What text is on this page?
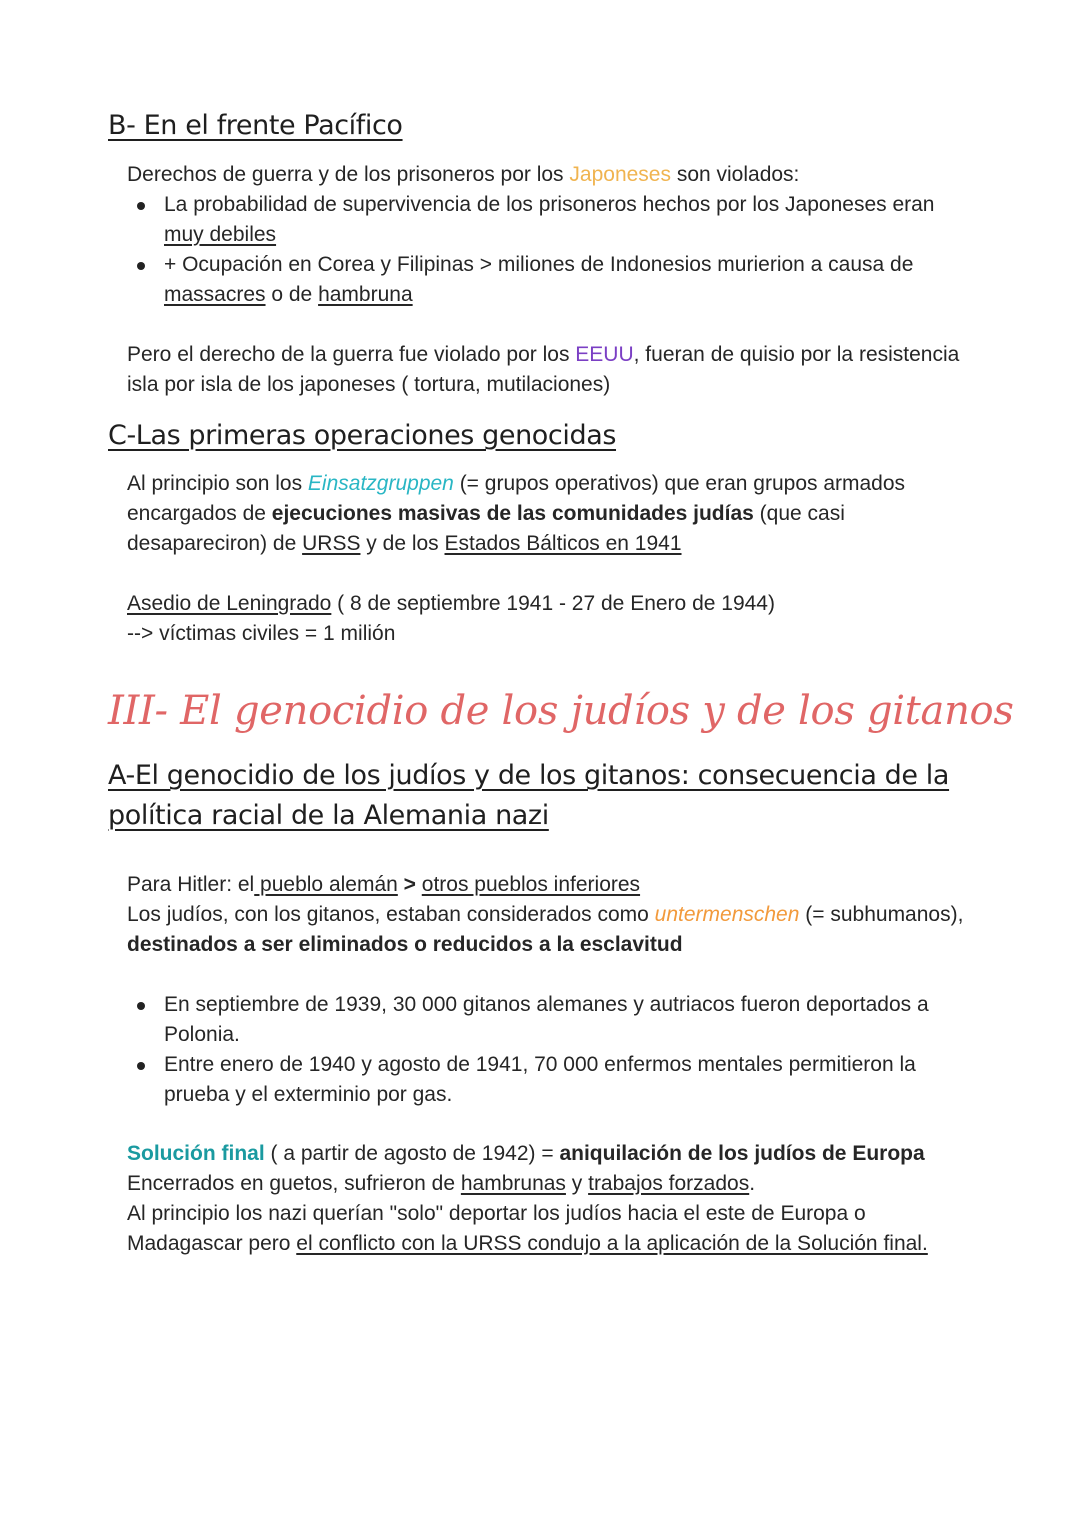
B- En el frente Pacífico

Derechos de guerra y de los prisoneros por los Japoneses son violados:

La probabilidad de supervivencia de los prisoneros hechos por los Japoneses eran muy debiles
+ Ocupación en Corea y Filipinas > miliones de Indonesios murierion a causa de massacres o de hambruna

Pero el derecho de la guerra fue violado por los EEUU, fueran de quisio por la resistencia isla por isla de los japoneses ( tortura, mutilaciones)

C-Las primeras operaciones genocidas

Al principio son los Einsatzgruppen (= grupos operativos) que eran grupos armados encargados de ejecuciones masivas de las comunidades judías (que casi desapareciron) de URSS y de los Estados Bálticos en 1941

Asedio de Leningrado ( 8 de septiembre 1941 - 27 de Enero de 1944)

--> víctimas civiles = 1 milión

III- El genocidio de los judíos y de los gitanos
A-El genocidio de los judíos y de los gitanos: consecuencia de la política racial de la Alemania nazi

Para Hitler: el pueblo alemán > otros pueblos inferiores

Los judíos, con los gitanos, estaban considerados como untermenschen (= subhumanos), destinados a ser eliminados o reducidos a la esclavitud

En septiembre de 1939, 30 000 gitanos alemanes y autriacos fueron deportados a Polonia.
Entre enero de 1940 y agosto de 1941, 70 000 enfermos mentales permitieron la prueba y el exterminio por gas.

Solución final ( a partir de agosto de 1942) = aniquilación de los judíos de Europa

Encerrados en guetos, sufrieron de hambrunas y trabajos forzados.

Al principio los nazi querían "solo" deportar los judíos hacia el este de Europa o Madagascar pero el conflicto con la URSS condujo a la aplicación de la Solución final.
